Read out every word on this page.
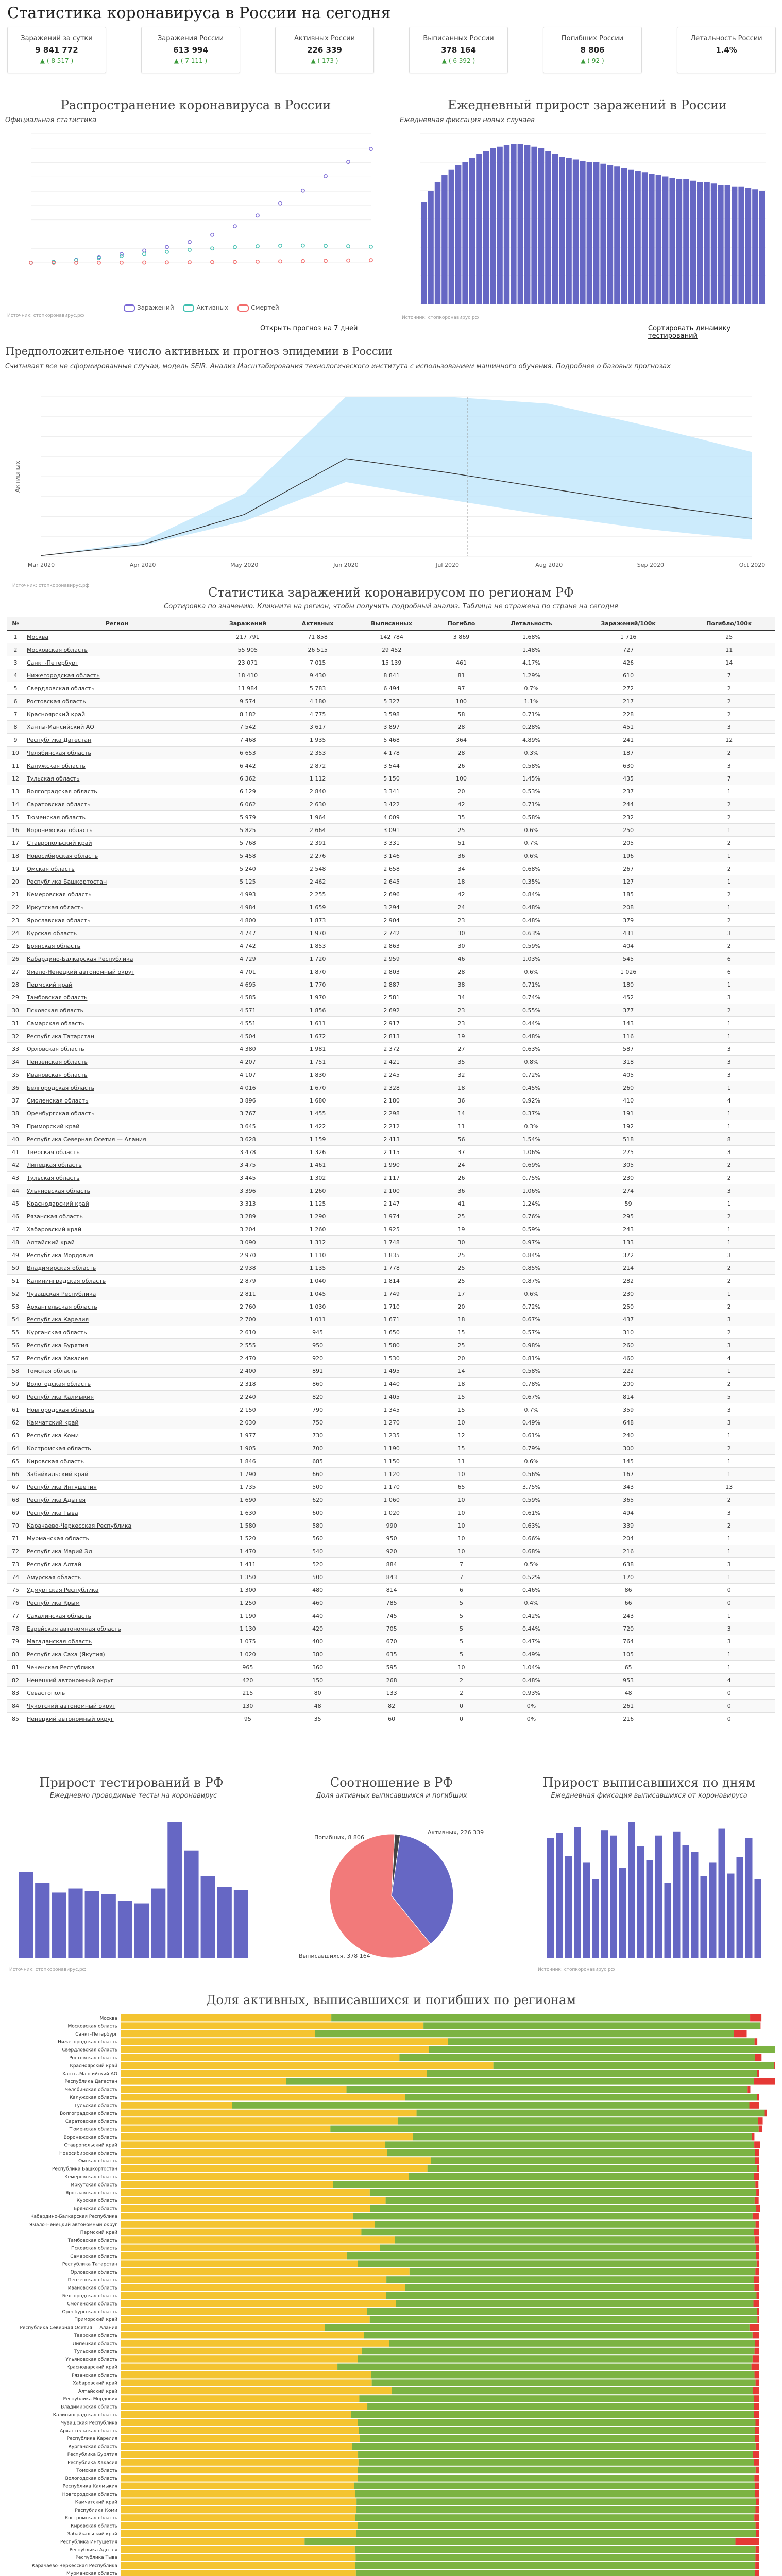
Статистика коронавируса в России на сегодня
Заражений за сутки
9 841 772
▲ ( 8 517 )
Заражения России
613 994
▲ ( 7 111 )
Активных России
226 339
▲ ( 173 )
Выписанных России
378 164
▲ ( 6 392 )
Погибших России
8 806
▲ ( 92 )
Летальность России
1.4%
Распространение коронавируса в России
Официальная статистика
Заражений	Активных	Смертей
Источник: стопкоронавирус.рф
Открыть прогноз на 7 дней
Ежедневный прирост заражений в России
Ежедневная фиксация новых случаев
Источник: стопкоронавирус.рф
Сортировать динамику тестирований
Предположительное число активных и прогноз эпидемии в России
Считывает все не сформированные случаи, модель SEIR. Анализ Масштабирования технологического института с использованием машинного обучения. Подробнее о базовых прогнозах
Mar 2020	Apr 2020	May 2020	Jun 2020	Jul 2020	Aug 2020	Sep 2020	Oct 2020
Активных
Источник: стопкоронавирус.рф	Статистика заражений коронавирусом по регионам РФ
Сортировка по значению. Кликните на регион, чтобы получить подробный анализ. Таблица не отражена по стране на сегодня
№	Регион	Заражений	Активных	Выписанных	Погибло	Летальность	Заражений/100к	Погибло/100к
1	Москва	217 791	71 858	142 784	3 869	1.68%	1 716	25
2	Московская область	55 905	26 515	29 452		1.48%	727	11
3	Санкт-Петербург	23 071	7 015	15 139	461	4.17%	426	14
4	Нижегородская область	18 410	9 430	8 841	81	1.29%	610	7
5	Свердловская область	11 984	5 783	6 494	97	0.7%	272	2
6	Ростовская область	9 574	4 180	5 327	100	1.1%	217	2
7	Красноярский край	8 182	4 775	3 598	58	0.71%	228	2
8	Ханты-Мансийский АО	7 542	3 617	3 897	28	0.28%	451	3
9	Республика Дагестан	7 468	1 935	5 468	364	4.89%	241	12
10	Челябинская область	6 653	2 353	4 178	28	0.3%	187	2
11	Калужская область	6 442	2 872	3 544	26	0.58%	630	3
12	Тульская область	6 362	1 112	5 150	100	1.45%	435	7
13	Волгоградская область	6 129	2 840	3 341	20	0.53%	237	1
14	Саратовская область	6 062	2 630	3 422	42	0.71%	244	2
15	Тюменская область	5 979	1 964	4 009	35	0.58%	232	2
16	Воронежская область	5 825	2 664	3 091	25	0.6%	250	1
17	Ставропольский край	5 768	2 391	3 331	51	0.7%	205	2
18	Новосибирская область	5 458	2 276	3 146	36	0.6%	196	1
19	Омская область	5 240	2 548	2 658	34	0.68%	267	2
20	Республика Башкортостан	5 125	2 462	2 645	18	0.35%	127	1
21	Кемеровская область	4 993	2 255	2 696	42	0.84%	185	2
22	Иркутская область	4 984	1 659	3 294	24	0.48%	208	1
23	Ярославская область	4 800	1 873	2 904	23	0.48%	379	2
24	Курская область	4 747	1 970	2 742	30	0.63%	431	3
25	Брянская область	4 742	1 853	2 863	30	0.59%	404	2
26	Кабардино-Балкарская Республика	4 729	1 720	2 959	46	1.03%	545	6
27	Ямало-Ненецкий автономный округ	4 701	1 870	2 803	28	0.6%	1 026	6
28	Пермский край	4 695	1 770	2 887	38	0.71%	180	1
29	Тамбовская область	4 585	1 970	2 581	34	0.74%	452	3
30	Псковская область	4 571	1 856	2 692	23	0.55%	377	2
31	Самарская область	4 551	1 611	2 917	23	0.44%	143	1
32	Республика Татарстан	4 504	1 672	2 813	19	0.48%	116	1
33	Орловская область	4 380	1 981	2 372	27	0.63%	587	3
34	Пензенская область	4 207	1 751	2 421	35	0.8%	318	3
35	Ивановская область	4 107	1 830	2 245	32	0.72%	405	3
36	Белгородская область	4 016	1 670	2 328	18	0.45%	260	1
37	Смоленская область	3 896	1 680	2 180	36	0.92%	410	4
38	Оренбургская область	3 767	1 455	2 298	14	0.37%	191	1
39	Приморский край	3 645	1 422	2 212	11	0.3%	192	1
40	Республика Северная Осетия — Алания	3 628	1 159	2 413	56	1.54%	518	8
41	Тверская область	3 478	1 326	2 115	37	1.06%	275	3
42	Липецкая область	3 475	1 461	1 990	24	0.69%	305	2
43	Тульская область	3 445	1 302	2 117	26	0.75%	230	2
44	Ульяновская область	3 396	1 260	2 100	36	1.06%	274	3
45	Краснодарский край	3 313	1 125	2 147	41	1.24%	59	1
46	Рязанская область	3 289	1 290	1 974	25	0.76%	295	2
47	Хабаровский край	3 204	1 260	1 925	19	0.59%	243	1
48	Алтайский край	3 090	1 312	1 748	30	0.97%	133	1
49	Республика Мордовия	2 970	1 110	1 835	25	0.84%	372	3
50	Владимирская область	2 938	1 135	1 778	25	0.85%	214	2
51	Калининградская область	2 879	1 040	1 814	25	0.87%	282	2
52	Чувашская Республика	2 811	1 045	1 749	17	0.6%	230	1
53	Архангельская область	2 760	1 030	1 710	20	0.72%	250	2
54	Республика Карелия	2 700	1 011	1 671	18	0.67%	437	3
55	Курганская область	2 610	945	1 650	15	0.57%	310	2
56	Республика Бурятия	2 555	950	1 580	25	0.98%	260	3
57	Республика Хакасия	2 470	920	1 530	20	0.81%	460	4
58	Томская область	2 400	891	1 495	14	0.58%	222	1
59	Вологодская область	2 318	860	1 440	18	0.78%	200	2
60	Республика Калмыкия	2 240	820	1 405	15	0.67%	814	5
61	Новгородская область	2 150	790	1 345	15	0.7%	359	3
62	Камчатский край	2 030	750	1 270	10	0.49%	648	3
63	Республика Коми	1 977	730	1 235	12	0.61%	240	1
64	Костромская область	1 905	700	1 190	15	0.79%	300	2
65	Кировская область	1 846	685	1 150	11	0.6%	145	1
66	Забайкальский край	1 790	660	1 120	10	0.56%	167	1
67	Республика Ингушетия	1 735	500	1 170	65	3.75%	343	13
68	Республика Адыгея	1 690	620	1 060	10	0.59%	365	2
69	Республика Тыва	1 630	600	1 020	10	0.61%	494	3
70	Карачаево-Черкесская Республика	1 580	580	990	10	0.63%	339	2
71	Мурманская область	1 520	560	950	10	0.66%	204	1
72	Республика Марий Эл	1 470	540	920	10	0.68%	216	1
73	Республика Алтай	1 411	520	884	7	0.5%	638	3
74	Амурская область	1 350	500	843	7	0.52%	170	1
75	Удмуртская Республика	1 300	480	814	6	0.46%	86	0
76	Республика Крым	1 250	460	785	5	0.4%	66	0
77	Сахалинская область	1 190	440	745	5	0.42%	243	1
78	Еврейская автономная область	1 130	420	705	5	0.44%	720	3
79	Магаданская область	1 075	400	670	5	0.47%	764	3
80	Республика Саха (Якутия)	1 020	380	635	5	0.49%	105	1
81	Чеченская Республика	965	360	595	10	1.04%	65	1
82	Ненецкий автономный округ	420	150	268	2	0.48%	953	4
83	Севастополь	215	80	133	2	0.93%	48	0
84	Чукотский автономный округ	130	48	82	0	0%	261	0
85	Ненецкий автономный округ	95	35	60	0	0%	216	0
Прирост тестирований в РФ
Ежедневно проводимые тесты на коронавирус
Источник: стопкоронавирус.рф
Соотношение в РФ
Доля активных выписавшихся и погибших
Погибших, 8 806
Активных, 226 339
Выписавшихся, 378 164
Прирост выписавшихся по дням
Ежедневная фиксация выписавшихся от коронавируса
Источник: стопкоронавирус.рф
Доля активных, выписавшихся и погибших по регионам
Москва
Московская область
Санкт-Петербург
Нижегородская область
Свердловская область
Ростовская область
Красноярский край
Ханты-Мансийский АО
Республика Дагестан
Челябинская область
Калужская область
Тульская область
Волгоградская область
Саратовская область
Тюменская область
Воронежская область
Ставропольский край
Новосибирская область
Омская область
Республика Башкортостан
Кемеровская область
Иркутская область
Ярославская область
Курская область
Брянская область
Кабардино-Балкарская Республика
Ямало-Ненецкий автономный округ
Пермский край
Тамбовская область
Псковская область
Самарская область
Республика Татарстан
Орловская область
Пензенская область
Ивановская область
Белгородская область
Смоленская область
Оренбургская область
Приморский край
Республика Северная Осетия — Алания
Тверская область
Липецкая область
Тульская область
Ульяновская область
Краснодарский край
Рязанская область
Хабаровский край
Алтайский край
Республика Мордовия
Владимирская область
Калининградская область
Чувашская Республика
Архангельская область
Республика Карелия
Курганская область
Республика Бурятия
Республика Хакасия
Томская область
Вологодская область
Республика Калмыкия
Новгородская область
Камчатский край
Республика Коми
Костромская область
Кировская область
Забайкальский край
Республика Ингушетия
Республика Адыгея
Республика Тыва
Карачаево-Черкесская Республика
Мурманская область
